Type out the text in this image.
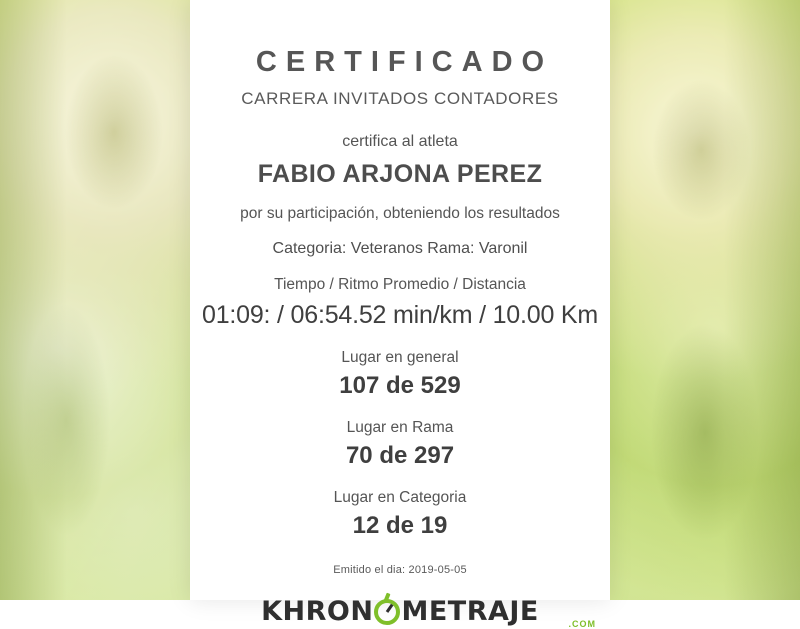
CERTIFICADO
CARRERA INVITADOS CONTADORES
certifica al atleta
FABIO ARJONA PEREZ
por su participación, obteniendo los resultados
Categoria: Veteranos Rama: Varonil
Tiempo / Ritmo Promedio / Distancia
01:09: / 06:54.52 min/km / 10.00 Km
Lugar en general
107 de 529
Lugar en Rama
70 de 297
Lugar en Categoria
12 de 19
Emitido el dia: 2019-05-05
KHRON METRAJE	.COM
